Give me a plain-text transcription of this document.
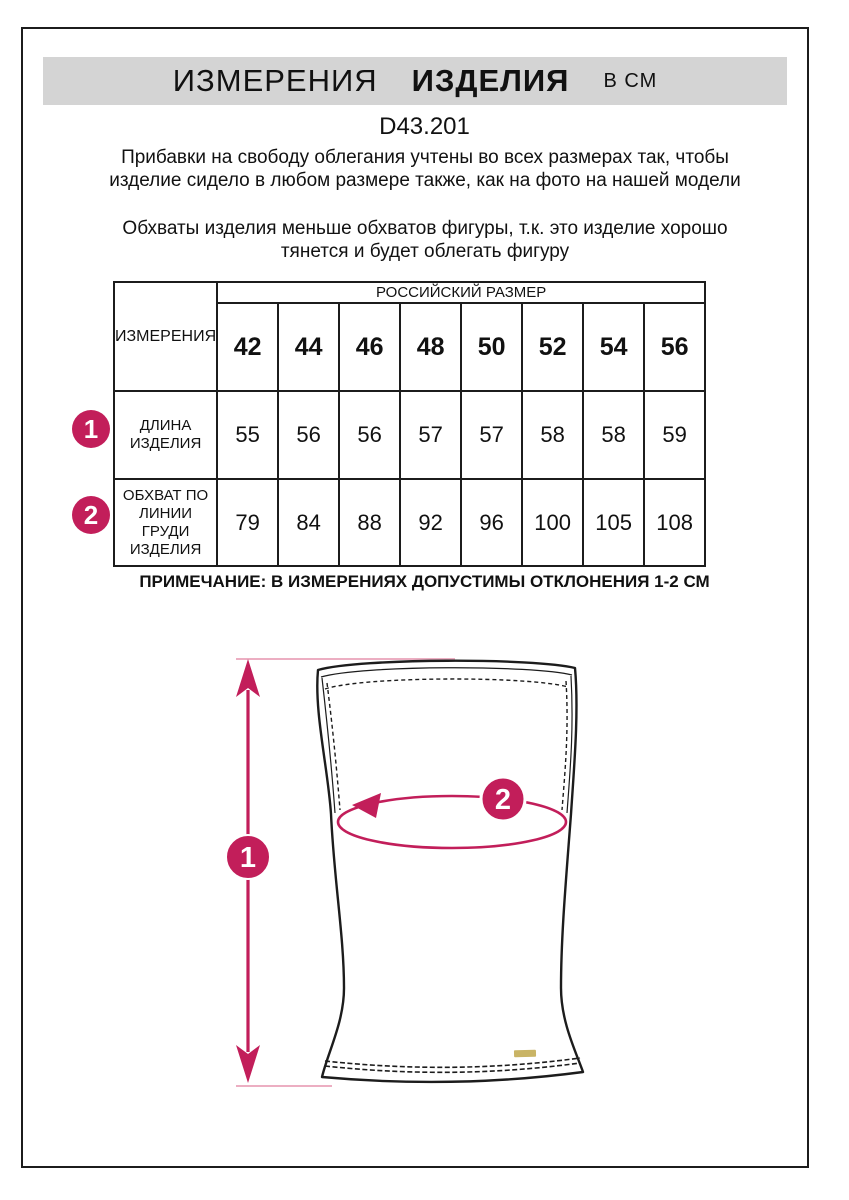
ИЗМЕРЕНИЯ ИЗДЕЛИЯ В СМ
D43.201
Прибавки на свободу облегания учтены во всех размерах так, чтобы изделие сидело в любом размере также, как на фото на нашей модели
Обхваты изделия меньше обхватов фигуры, т.к. это изделие хорошо тянется и будет облегать фигуру
ИЗМЕРЕНИЯ	РОССИЙСКИЙ РАЗМЕР							
	42	44	46	48	50	52	54	56
ДЛИНА ИЗДЕЛИЯ	55	56	56	57	57	58	58	59
ОБХВАТ ПО ЛИНИИ ГРУДИ ИЗДЕЛИЯ	79	84	88	92	96	100	105	108
1
2
ПРИМЕЧАНИЕ: В ИЗМЕРЕНИЯХ ДОПУСТИМЫ ОТКЛОНЕНИЯ 1-2 СМ
1
2
